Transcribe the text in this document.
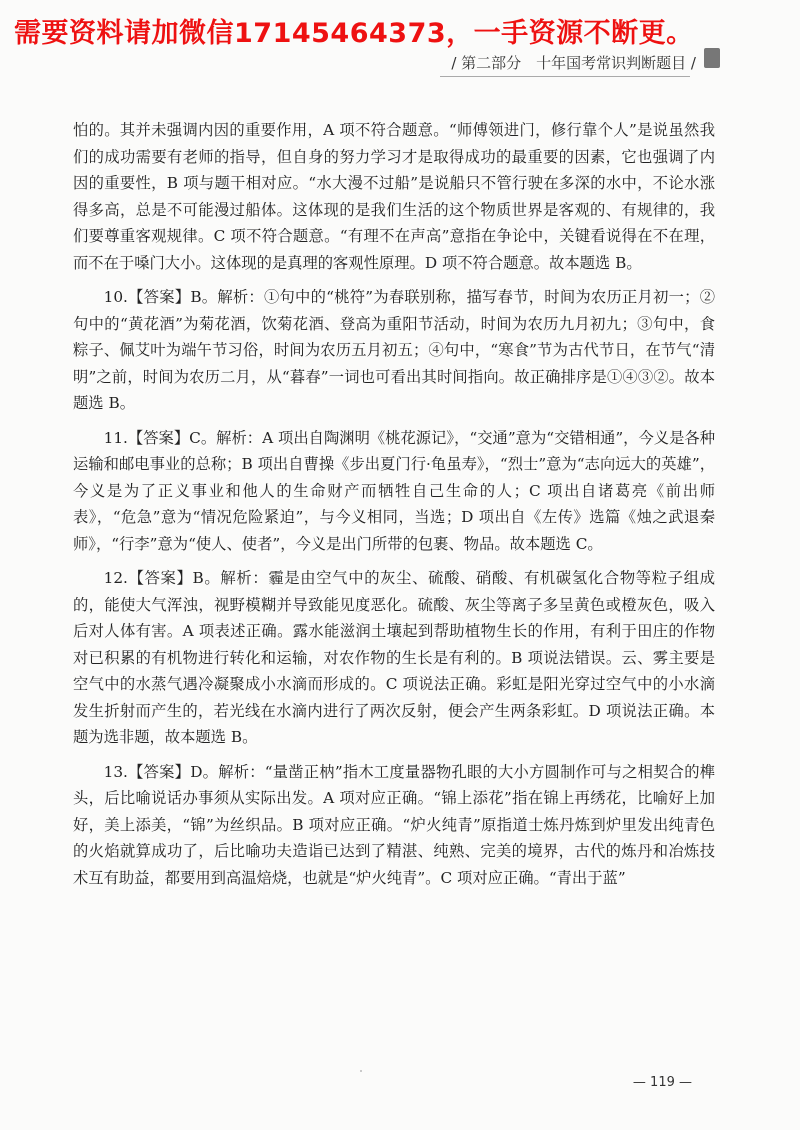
需要资料请加微信17145464373，一手资源不断更。
/ 第二部分　十年国考常识判断题目 /

怕的。其并未强调内因的重要作用，A 项不符合题意。“师傅领进门，修行靠个人”是说虽然我们的成功需要有老师的指导，但自身的努力学习才是取得成功的最重要的因素，它也强调了内因的重要性，B 项与题干相对应。“水大漫不过船”是说船只不管行驶在多深的水中，不论水涨得多高，总是不可能漫过船体。这体现的是我们生活的这个物质世界是客观的、有规律的，我们要尊重客观规律。C 项不符合题意。“有理不在声高”意指在争论中，关键看说得在不在理，而不在于嗓门大小。这体现的是真理的客观性原理。D 项不符合题意。故本题选 B。

10.【答案】B。解析：①句中的“桃符”为春联别称，描写春节，时间为农历正月初一；②句中的“黄花酒”为菊花酒，饮菊花酒、登高为重阳节活动，时间为农历九月初九；③句中，食粽子、佩艾叶为端午节习俗，时间为农历五月初五；④句中，“寒食”节为古代节日，在节气“清明”之前，时间为农历二月，从“暮春”一词也可看出其时间指向。故正确排序是①④③②。故本题选 B。

11.【答案】C。解析：A 项出自陶渊明《桃花源记》，“交通”意为“交错相通”，今义是各种运输和邮电事业的总称；B 项出自曹操《步出夏门行·龟虽寿》，“烈士”意为“志向远大的英雄”，今义是为了正义事业和他人的生命财产而牺牲自己生命的人；C 项出自诸葛亮《前出师表》，“危急”意为“情况危险紧迫”，与今义相同，当选；D 项出自《左传》选篇《烛之武退秦师》，“行李”意为“使人、使者”，今义是出门所带的包裹、物品。故本题选 C。

12.【答案】B。解析：霾是由空气中的灰尘、硫酸、硝酸、有机碳氢化合物等粒子组成的，能使大气浑浊，视野模糊并导致能见度恶化。硫酸、灰尘等离子多呈黄色或橙灰色，吸入后对人体有害。A 项表述正确。露水能滋润土壤起到帮助植物生长的作用，有利于田庄的作物对已积累的有机物进行转化和运输，对农作物的生长是有利的。B 项说法错误。云、雾主要是空气中的水蒸气遇冷凝聚成小水滴而形成的。C 项说法正确。彩虹是阳光穿过空气中的小水滴发生折射而产生的，若光线在水滴内进行了两次反射，便会产生两条彩虹。D 项说法正确。本题为选非题，故本题选 B。

13.【答案】D。解析：“量凿正枘”指木工度量器物孔眼的大小方圆制作可与之相契合的榫头，后比喻说话办事须从实际出发。A 项对应正确。“锦上添花”指在锦上再绣花，比喻好上加好，美上添美，“锦”为丝织品。B 项对应正确。“炉火纯青”原指道士炼丹炼到炉里发出纯青色的火焰就算成功了，后比喻功夫造诣已达到了精湛、纯熟、完美的境界，古代的炼丹和冶炼技术互有助益，都要用到高温焙烧，也就是“炉火纯青”。C 项对应正确。“青出于蓝”

— 119 —
